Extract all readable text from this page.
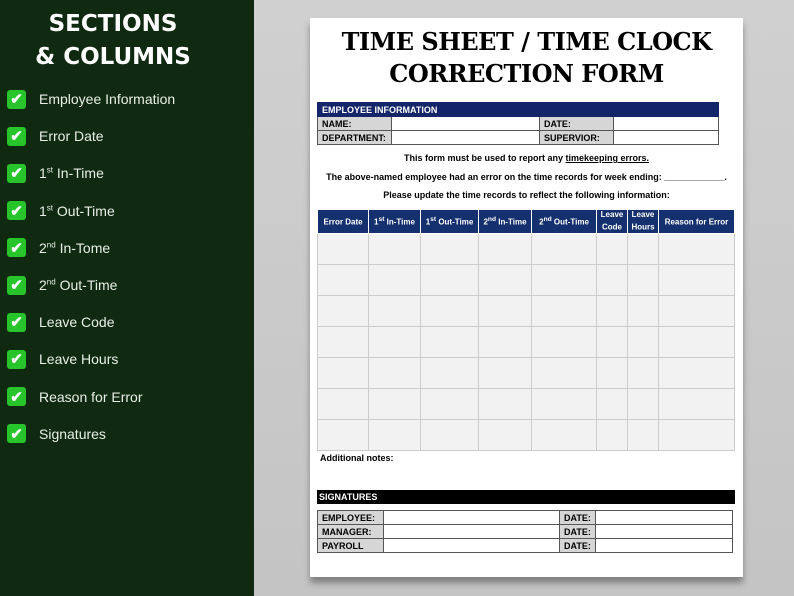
SECTIONS
& COLUMNS
✔ Employee Information
✔ Error Date
✔ 1st In-Time
✔ 1st Out-Time
✔ 2nd In-Tome
✔ 2nd Out-Time
✔ Leave Code
✔ Leave Hours
✔ Reason for Error
✔ Signatures
TIME SHEET / TIME CLOCK
CORRECTION FORM
EMPLOYEE INFORMATION			
NAME:		DATE:	
DEPARTMENT:		SUPERVIOR:	
This form must be used to report any timekeeping errors.
The above-named employee had an error on the time records for week ending: ____________.
Please update the time records to reflect the following information:
Error Date	1st In-Time	1st Out-Time	2nd In-Time	2nd Out-Time	Leave Code	Leave Hours	Reason for Error

Additional notes:
SIGNATURES
EMPLOYEE:		DATE:	
MANAGER:		DATE:	
PAYROLL		DATE:	
